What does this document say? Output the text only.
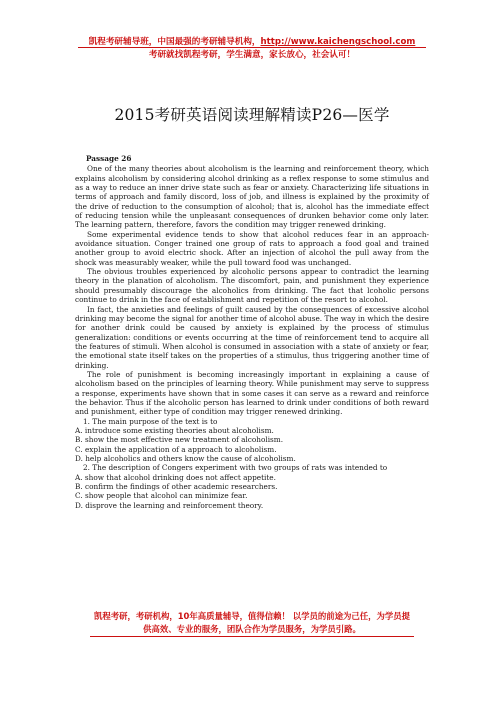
凯程考研辅导班，中国最强的考研辅导机构，http://www.kaichengschool.com
考研就找凯程考研，学生满意，家长放心，社会认可！
2015考研英语阅读理解精读P26—医学

Passage 26

One of the many theories about alcoholism is the learning and reinforcement theory, which explains alcoholism by considering alcohol drinking as a reflex response to some stimulus and as a way to reduce an inner drive state such as fear or anxiety. Characterizing life situations in terms of approach and family discord, loss of job, and illness is explained by the proximity of the drive of reduction to the consumption of alcohol; that is, alcohol has the immediate effect of reducing tension while the unpleasant consequences of drunken behavior come only later. The learning pattern, therefore, favors the condition may trigger renewed drinking.

Some experimental evidence tends to show that alcohol reduces fear in an approach-avoidance situation. Conger trained one group of rats to approach a food goal and trained another group to avoid electric shock. After an injection of alcohol the pull away from the shock was measurably weaker, while the pull toward food was unchanged.

The obvious troubles experienced by alcoholic persons appear to contradict the learning theory in the planation of alcoholism. The discomfort, pain, and punishment they experience should presumably discourage the alcoholics from drinking. The fact that lcoholic persons continue to drink in the face of establishment and repetition of the resort to alcohol.

In fact, the anxieties and feelings of guilt caused by the consequences of excessive alcohol drinking may become the signal for another time of alcohol abuse. The way in which the desire for another drink could be caused by anxiety is explained by the process of stimulus generalization: conditions or events occurring at the time of reinforcement tend to acquire all the features of stimuli. When alcohol is consumed in association with a state of anxiety or fear, the emotional state itself takes on the properties of a stimulus, thus triggering another time of drinking.

The role of punishment is becoming increasingly important in explaining a cause of alcoholism based on the principles of learning theory. While punishment may serve to suppress a response, experiments have shown that in some cases it can serve as a reward and reinforce the behavior. Thus if the alcoholic person has learned to drink under conditions of both reward and punishment, either type of condition may trigger renewed drinking.

1. The main purpose of the text is to

A. introduce some existing theories about alcoholism.

B. show the most effective new treatment of alcoholism.

C. explain the application of a approach to alcoholism.

D. help alcoholics and others know the cause of alcoholism.

2. The description of Congers experiment with two groups of rats was intended to

A. show that alcohol drinking does not affect appetite.

B. confirm the findings of other academic researchers.

C. show people that alcohol can minimize fear.

D. disprove the learning and reinforcement theory.

凯程考研，考研机构，10年高质量辅导，值得信赖！ 以学员的前途为己任，为学员提
供高效、专业的服务，团队合作为学员服务，为学员引路。
